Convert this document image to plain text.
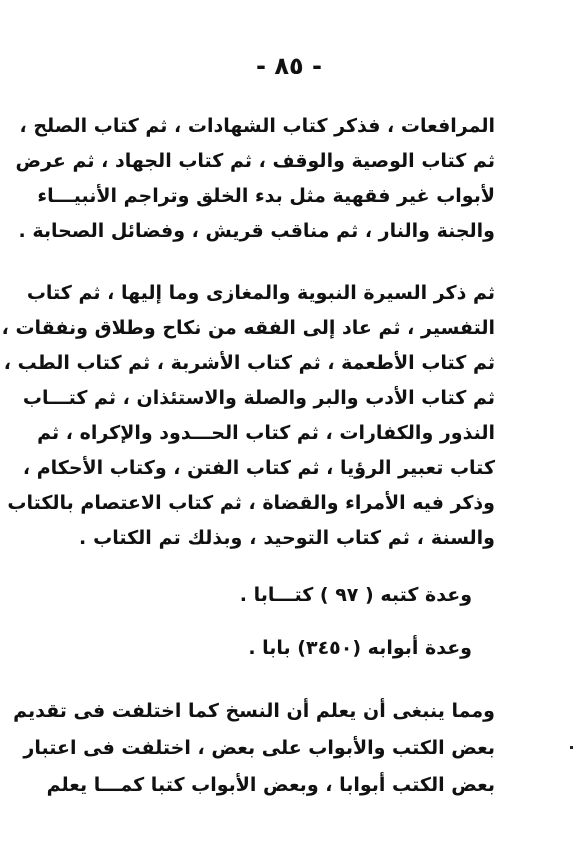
- ٨٥ -
المرافعات ، فذكر كتاب الشهادات ، ثم كتاب الصلح ،
ثم كتاب الوصية والوقف ، ثم كتاب الجهاد ، ثم عرض
لأبواب غير فقهية مثل بدء الخلق وتراجم الأنبيـــاء
والجنة والنار ، ثم مناقب قريش ، وفضائل الصحابة .
ثم ذكر السيرة النبوية والمغازى وما إليها ، ثم كتاب
التفسير ، ثم عاد إلى الفقه من نكاح وطلاق ونفقات ،
ثم كتاب الأطعمة ، ثم كتاب الأشربة ، ثم كتاب الطب ،
ثم كتاب الأدب والبر والصلة والاستئذان ، ثم كتـــاب
النذور والكفارات ، ثم كتاب الحـــدود والإكراه ، ثم
كتاب تعبير الرؤيا ، ثم كتاب الفتن ، وكتاب الأحكام ،
وذكر فيه الأمراء والقضاة ، ثم كتاب الاعتصام بالكتاب
والسنة ، ثم كتاب التوحيد ، وبذلك تم الكتاب .
وعدة كتبه ( ٩٧ ) كتـــابا .
وعدة أبوابه (٣٤٥٠) بابا .
ومما ينبغى أن يعلم أن النسخ كما اختلفت فى تقديم
بعض الكتب والأبواب على بعض ، اختلفت فى اعتبار
بعض الكتب أبوابا ، وبعض الأبواب كتبا كمـــا يعلم
